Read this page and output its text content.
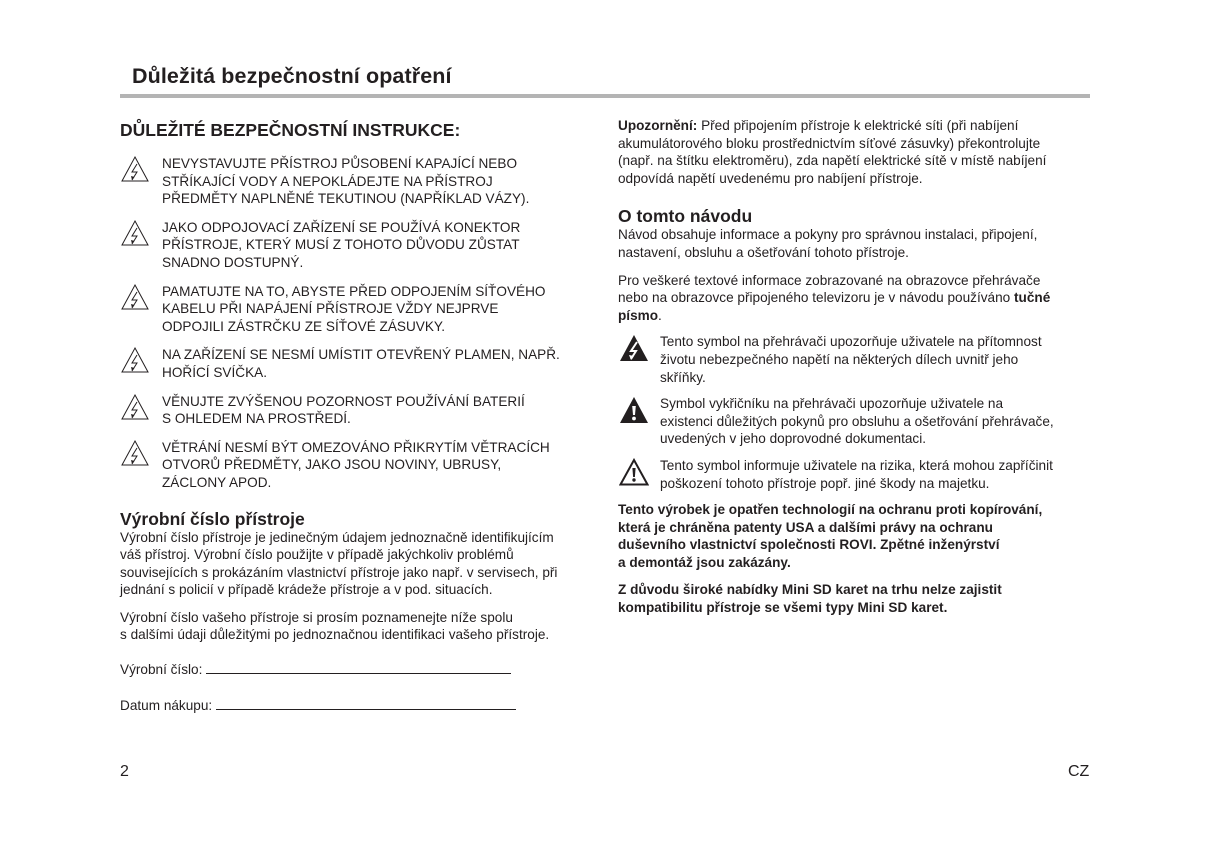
Důležitá bezpečnostní opatření
DŮLEŽITÉ BEZPEČNOSTNÍ INSTRUKCE:
NEVYSTAVUJTE PŘÍSTROJ PŮSOBENÍ KAPAJÍCÍ NEBO
STŘÍKAJÍCÍ VODY A NEPOKLÁDEJTE NA PŘÍSTROJ
PŘEDMĚTY NAPLNĚNÉ TEKUTINOU (NAPŘÍKLAD VÁZY).
JAKO ODPOJOVACÍ ZAŘÍZENÍ SE POUŽÍVÁ KONEKTOR
PŘÍSTROJE, KTERÝ MUSÍ Z TOHOTO DŮVODU ZŮSTAT
SNADNO DOSTUPNÝ.
PAMATUJTE NA TO, ABYSTE PŘED ODPOJENÍM SÍŤOVÉHO
KABELU PŘI NAPÁJENÍ PŘÍSTROJE VŽDY NEJPRVE
ODPOJILI ZÁSTRČKU ZE SÍŤOVÉ ZÁSUVKY.
NA ZAŘÍZENÍ SE NESMÍ UMÍSTIT OTEVŘENÝ PLAMEN, NAPŘ.
HOŘÍCÍ SVÍČKA.
VĚNUJTE ZVÝŠENOU POZORNOST POUŽÍVÁNÍ BATERIÍ
S OHLEDEM NA PROSTŘEDÍ.
VĚTRÁNÍ NESMÍ BÝT OMEZOVÁNO PŘIKRYTÍM VĚTRACÍCH
OTVORŮ PŘEDMĚTY, JAKO JSOU NOVINY, UBRUSY,
ZÁCLONY APOD.
Výrobní číslo přístroje

Výrobní číslo přístroje je jedinečným údajem jednoznačně identifikujícím
váš přístroj. Výrobní číslo použijte v případě jakýchkoliv problémů
souvisejících s prokázáním vlastnictví přístroje jako např. v servisech, při
jednání s policií v případě krádeže přístroje a v pod. situacích.

Výrobní číslo vašeho přístroje si prosím poznamenejte níže spolu
s dalšími údaji důležitými po jednoznačnou identifikaci vašeho přístroje.

Výrobní číslo:
Datum nákupu:

Upozornění: Před připojením přístroje k elektrické síti (při nabíjení
akumulátorového bloku prostřednictvím síťové zásuvky) překontrolujte
(např. na štítku elektroměru), zda napětí elektrické sítě v místě nabíjení
odpovídá napětí uvedenému pro nabíjení přístroje.

O tomto návodu

Návod obsahuje informace a pokyny pro správnou instalaci, připojení,
nastavení, obsluhu a ošetřování tohoto přístroje.

Pro veškeré textové informace zobrazované na obrazovce přehrávače
nebo na obrazovce připojeného televizoru je v návodu používáno tučné
písmo.

Tento symbol na přehrávači upozorňuje uživatele na přítomnost
životu nebezpečného napětí na některých dílech uvnitř jeho
skříňky.
Symbol vykřičníku na přehrávači upozorňuje uživatele na
existenci důležitých pokynů pro obsluhu a ošetřování přehrávače,
uvedených v jeho doprovodné dokumentaci.
Tento symbol informuje uživatele na rizika, která mohou zapříčinit
poškození tohoto přístroje popř. jiné škody na majetku.

Tento výrobek je opatřen technologií na ochranu proti kopírování,
která je chráněna patenty USA a dalšími právy na ochranu
duševního vlastnictví společnosti ROVI. Zpětné inženýrství
a demontáž jsou zakázány.

Z důvodu široké nabídky Mini SD karet na trhu nelze zajistit
kompatibilitu přístroje se všemi typy Mini SD karet.

2	CZ
